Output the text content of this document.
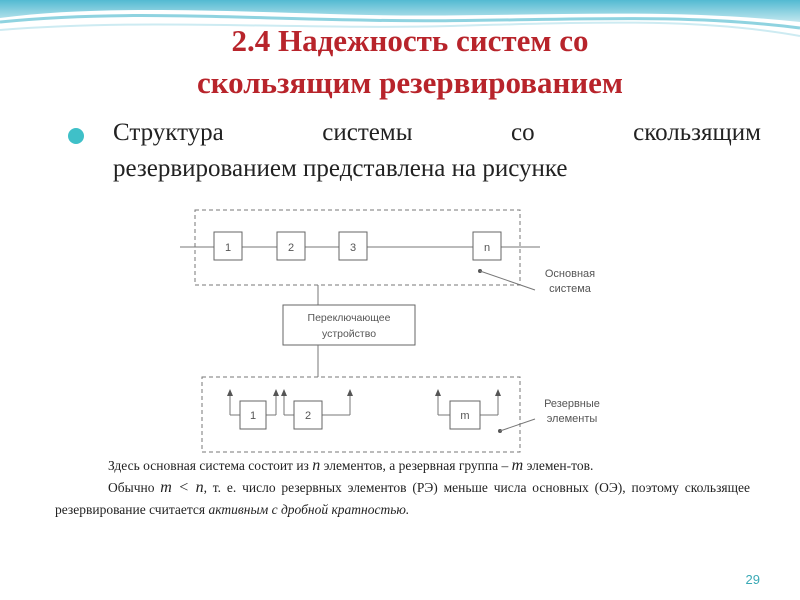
2.4 Надежность систем со
скользящим резервированием
Структура системы со скользящим
резервированием представлена на рисунке
1	2	3	n
Основная
система
Переключающее
устройство
1	2	m
Резервные
элементы

Здесь основная система состоит из n элементов, а резервная группа – m элемен-тов.

Обычно m < n, т. е. число резервных элементов (РЭ) меньше числа основных (ОЭ), поэтому скользящее резервирование считается активным с дробной кратностью.

29
